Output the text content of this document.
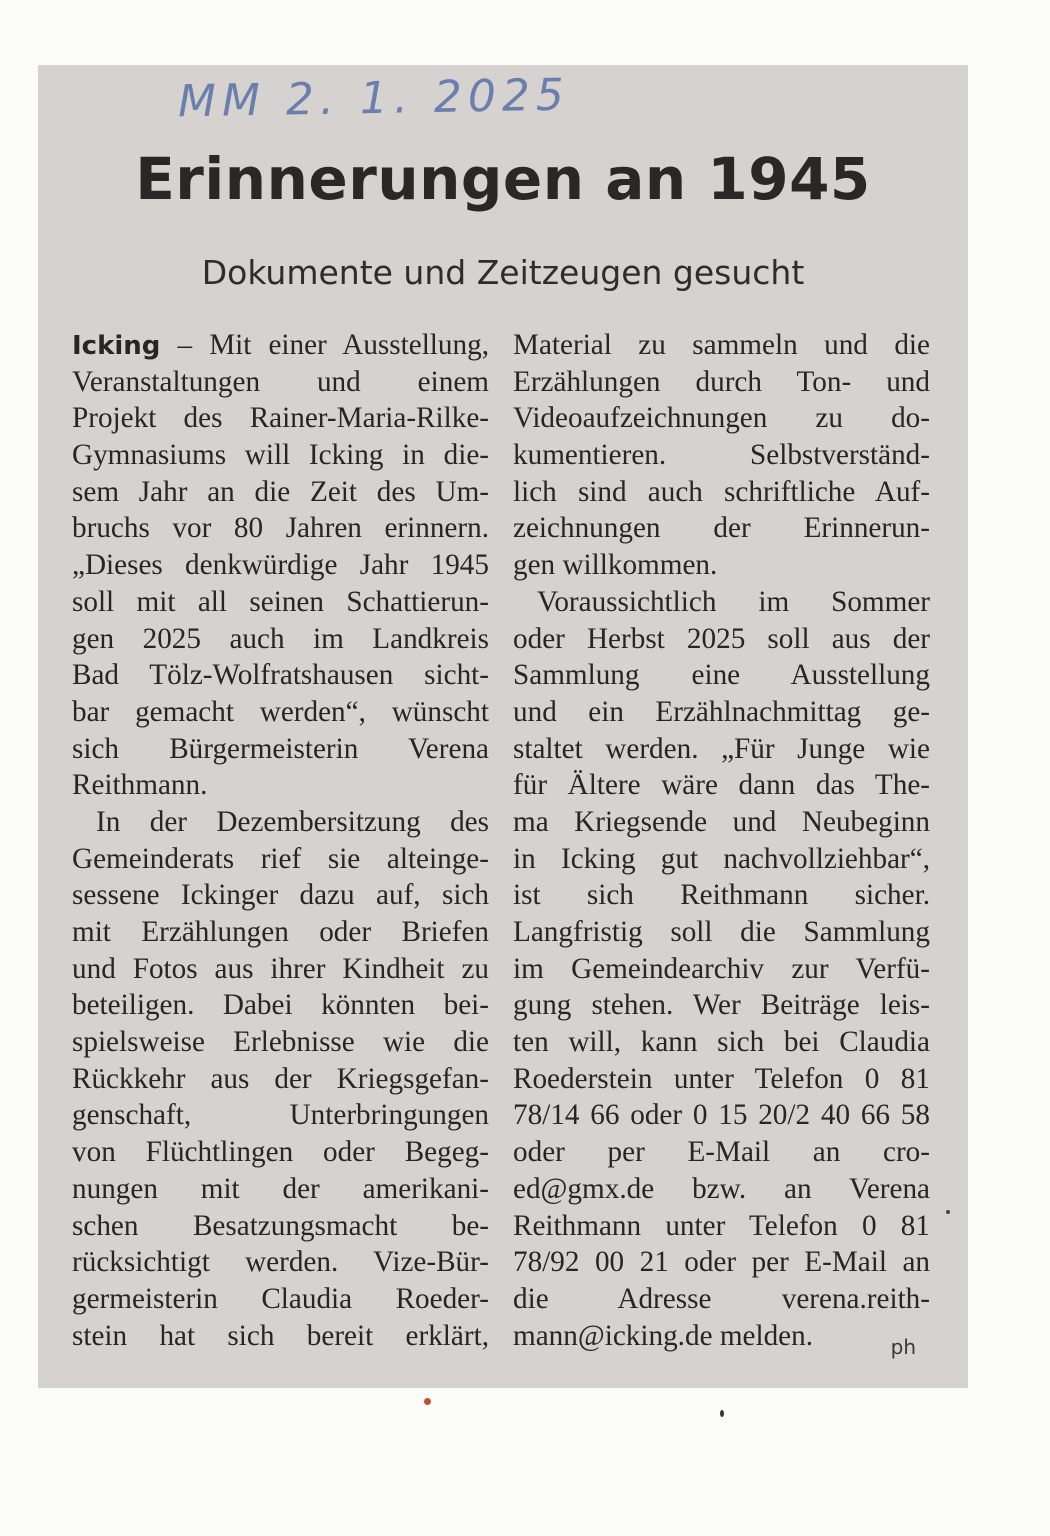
MM 2. 1. 2025
Erinnerungen an 1945
Dokumente und Zeitzeugen gesucht
Icking – Mit einer Ausstellung,
Veranstaltungen und einem
Projekt des Rainer-Maria-Rilke-
Gymnasiums will Icking in die-
sem Jahr an die Zeit des Um-
bruchs vor 80 Jahren erinnern.
„Dieses denkwürdige Jahr 1945
soll mit all seinen Schattierun-
gen 2025 auch im Landkreis
Bad Tölz-Wolfratshausen sicht-
bar gemacht werden“, wünscht
sich Bürgermeisterin Verena
Reithmann.
In der Dezembersitzung des
Gemeinderats rief sie alteinge-
sessene Ickinger dazu auf, sich
mit Erzählungen oder Briefen
und Fotos aus ihrer Kindheit zu
beteiligen. Dabei könnten bei-
spielsweise Erlebnisse wie die
Rückkehr aus der Kriegsgefan-
genschaft, Unterbringungen
von Flüchtlingen oder Begeg-
nungen mit der amerikani-
schen Besatzungsmacht be-
rücksichtigt werden. Vize-Bür-
germeisterin Claudia Roeder-
stein hat sich bereit erklärt,
Material zu sammeln und die
Erzählungen durch Ton- und
Videoaufzeichnungen zu do-
kumentieren. Selbstverständ-
lich sind auch schriftliche Auf-
zeichnungen der Erinnerun-
gen willkommen.
Voraussichtlich im Sommer
oder Herbst 2025 soll aus der
Sammlung eine Ausstellung
und ein Erzählnachmittag ge-
staltet werden. „Für Junge wie
für Ältere wäre dann das The-
ma Kriegsende und Neubeginn
in Icking gut nachvollziehbar“,
ist sich Reithmann sicher.
Langfristig soll die Sammlung
im Gemeindearchiv zur Verfü-
gung stehen. Wer Beiträge leis-
ten will, kann sich bei Claudia
Roederstein unter Telefon 0 81
78/14 66 oder 0 15 20/2 40 66 58
oder per E-Mail an cro-
ed@gmx.de bzw. an Verena
Reithmann unter Telefon 0 81
78/92 00 21 oder per E-Mail an
die Adresse verena.reith-
mann@icking.de melden.	ph
